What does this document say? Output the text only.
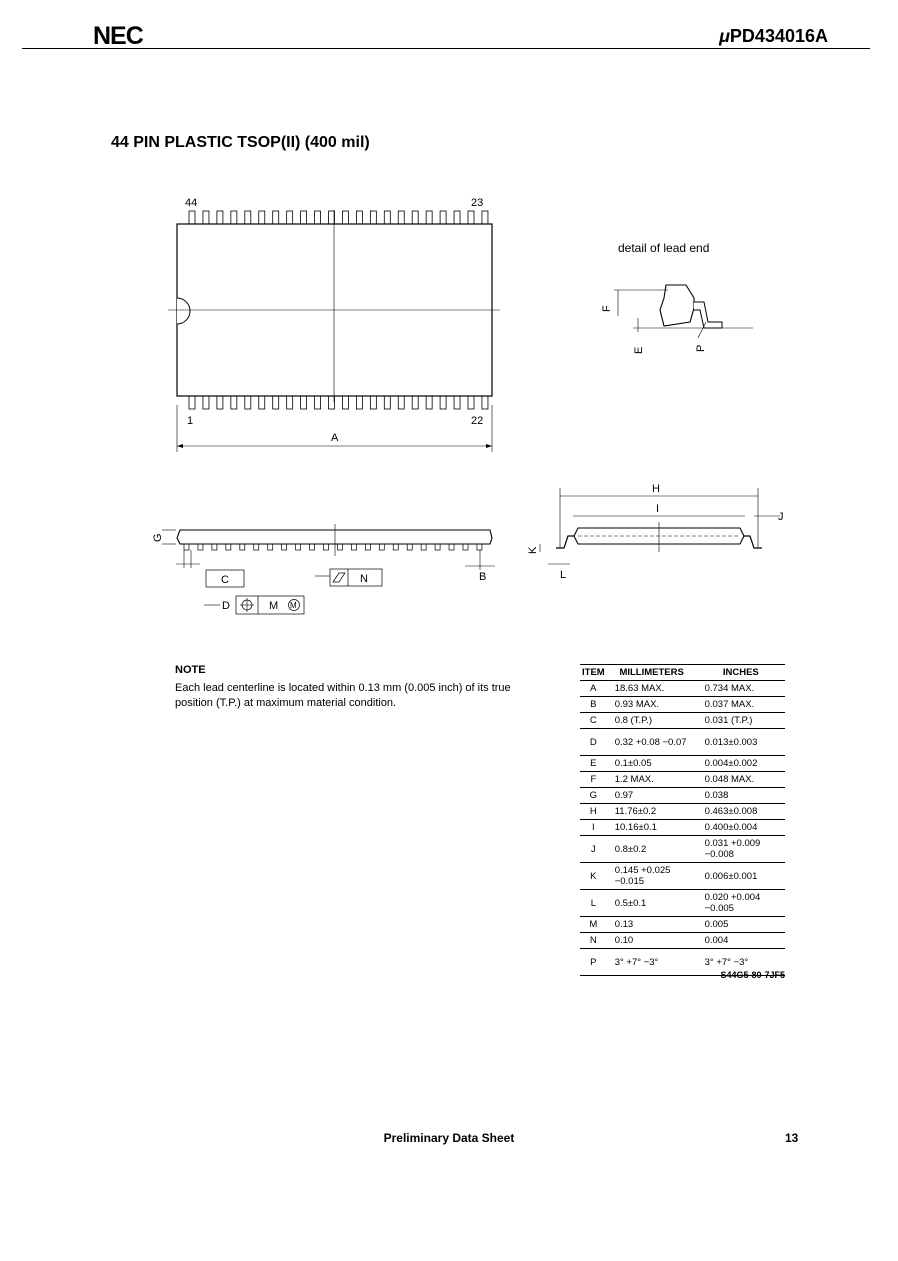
NEC	μPD434016A
44 PIN PLASTIC TSOP(II) (400 mil)
44	23
1	22
A
detail of lead end
F
E	P
G
C	N	B
D	M M
H
I
J
K
L
NOTE
Each lead centerline is located within 0.13 mm (0.005 inch) of its true position (T.P.) at maximum material condition.
ITEM	MILLIMETERS	INCHES
A	18.63 MAX.	0.734 MAX.
B	0.93 MAX.	0.037 MAX.
C	0.8 (T.P.)	0.031 (T.P.)
D	0.32 +0.08 −0.07	0.013±0.003
E	0.1±0.05	0.004±0.002
F	1.2 MAX.	0.048 MAX.
G	0.97	0.038
H	11.76±0.2	0.463±0.008
I	10.16±0.1	0.400±0.004
J	0.8±0.2	0.031 +0.009 −0.008
K	0.145 +0.025 −0.015	0.006±0.001
L	0.5±0.1	0.020 +0.004 −0.005
M	0.13	0.005
N	0.10	0.004
P	3° +7° −3°	3° +7° −3°
S44G5-80-7JF5
Preliminary Data Sheet	13
